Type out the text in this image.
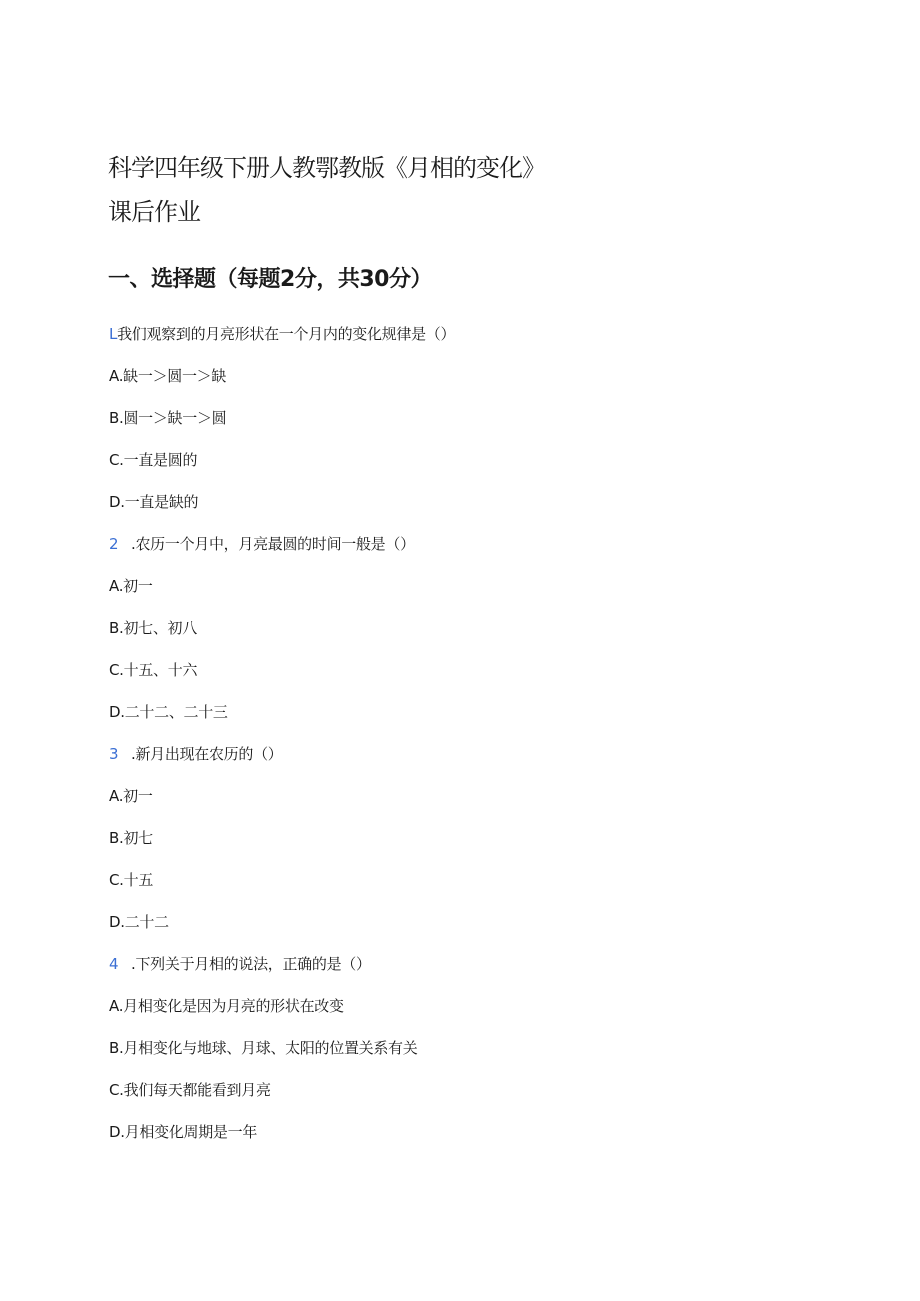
科学四年级下册人教鄂教版《月相的变化》
课后作业
一、选择题（每题2分，共30分）
L我们观察到的月亮形状在一个月内的变化规律是（）
A.缺一＞圆一＞缺
B.圆一＞缺一＞圆
C.一直是圆的
D.一直是缺的
2 .农历一个月中，月亮最圆的时间一般是（）
A.初一
B.初七、初八
C.十五、十六
D.二十二、二十三
3 .新月出现在农历的（）
A.初一
B.初七
C.十五
D.二十二
4 .下列关于月相的说法，正确的是（）
A.月相变化是因为月亮的形状在改变
B.月相变化与地球、月球、太阳的位置关系有关
C.我们每天都能看到月亮
D.月相变化周期是一年
